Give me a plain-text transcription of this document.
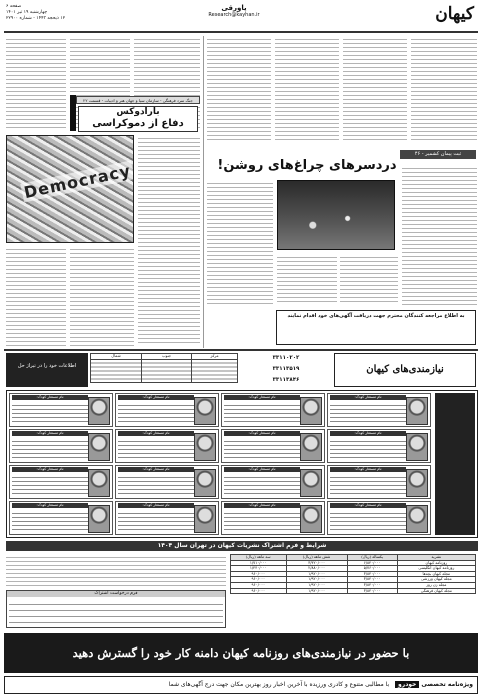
کیهان
پاورقی
Research@kayhan.ir
صفحه ۶
چهارشنبه ۱۹ تیر ۱۴۰۱
۱۲ ذیحجه ۱۴۴۳ - شماره ۲۲۹۰۰
جنگ سرد فرهنگی - سازمان سیا و جهان هنر و ادبیات - قسمت ۲۲
بارادوکس
دفاع از دموکراسی
Democracy
ثبت پیمان کشمیر - ۴۶
دردسرهای چراغ‌های روشن!
به اطلاع مراجعه کنندگان محترم جهت دریافت آگهی‌های خود اقدام نمایند
اطلاعات خود را در تیراژ حل
شمال	جنوب	مرکز
			۳۳۱۱۰۲۰۲
۳۳۱۱۳۵۱۹
۳۳۱۱۳۸۴۶
نیازمندی‌های کیهان
نام مستعار کودک:	نام مستعار کودک:	نام مستعار کودک:	نام مستعار کودک:
نام مستعار کودک:	نام مستعار کودک:	نام مستعار کودک:	نام مستعار کودک:
نام مستعار کودک:	نام مستعار کودک:	نام مستعار کودک:	نام مستعار کودک:
نام مستعار کودک:	نام مستعار کودک:	نام مستعار کودک:	نام مستعار کودک:
شرایط و فرم اشتراک نشریات کیهان در تهران سال ۱۴۰۴
فرم درخواست اشتراک
نشریه	یکساله (ریال)	شش ماهه (ریال)	سه ماهه (ریال)
روزنامه کیهان	۶/۸۴۰/۰۰۰	۳/۴۲۰/۰۰۰	۱/۷۱۰/۰۰۰
روزنامه کیهان انگلیسی	۵/۷۶۰/۰۰۰	۲/۸۸۰/۰۰۰	۱/۴۴۰/۰۰۰
مجله کیهان بچه‌ها	۳/۸۴۰/۰۰۰	۱/۹۲۰/۰۰۰	۹۶۰/۰۰۰
مجله کیهان ورزشی	۳/۸۴۰/۰۰۰	۱/۹۲۰/۰۰۰	۹۶۰/۰۰۰
مجله زن روز	۳/۸۴۰/۰۰۰	۱/۹۲۰/۰۰۰	۹۶۰/۰۰۰
مجله کیهان فرهنگی	۳/۸۴۰/۰۰۰	۱/۹۲۰/۰۰۰	۹۶۰/۰۰۰
با حضور در نیازمندی‌های روزنامه کیهان دامنه کار خود را گسترش دهید
ویژه‌نامه تخصصی خودرو با مطالبی متنوع و کادری ورزیده با آخرین اخبار روز بهترین مکان جهت درج آگهی‌های شما
